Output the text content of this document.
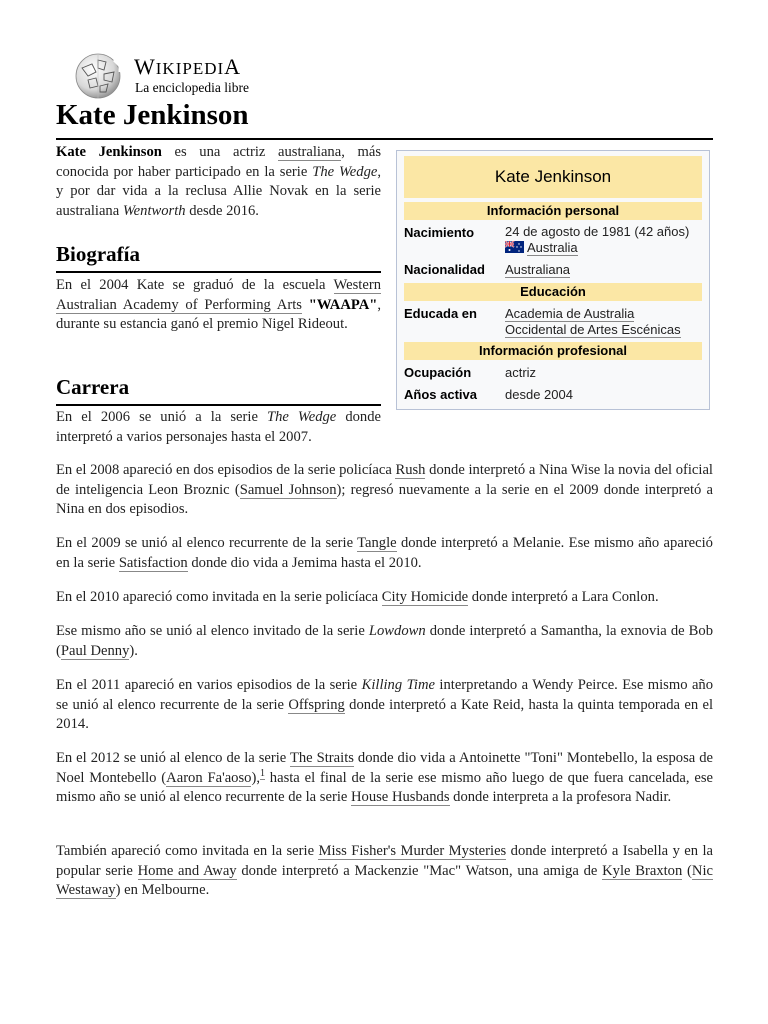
WIKIPEDIA
La enciclopedia libre
Kate Jenkinson
Kate Jenkinson es una actriz australiana, más conocida por haber participado en la serie The Wedge, y por dar vida a la reclusa Allie Novak en la serie australiana Wentworth desde 2016.
Biografía
En el 2004 Kate se graduó de la escuela Western Australian Academy of Performing Arts "WAAPA", durante su estancia ganó el premio Nigel Rideout.
Carrera
En el 2006 se unió a la serie The Wedge donde interpretó a varios personajes hasta el 2007.
En el 2008 apareció en dos episodios de la serie policíaca Rush donde interpretó a Nina Wise la novia del oficial de inteligencia Leon Broznic (Samuel Johnson); regresó nuevamente a la serie en el 2009 donde interpretó a Nina en dos episodios.
En el 2009 se unió al elenco recurrente de la serie Tangle donde interpretó a Melanie. Ese mismo año apareció en la serie Satisfaction donde dio vida a Jemima hasta el 2010.
En el 2010 apareció como invitada en la serie policíaca City Homicide donde interpretó a Lara Conlon.
Ese mismo año se unió al elenco invitado de la serie Lowdown donde interpretó a Samantha, la exnovia de Bob (Paul Denny).
En el 2011 apareció en varios episodios de la serie Killing Time interpretando a Wendy Peirce. Ese mismo año se unió al elenco recurrente de la serie Offspring donde interpretó a Kate Reid, hasta la quinta temporada en el 2014.
En el 2012 se unió al elenco de la serie The Straits donde dio vida a Antoinette "Toni" Montebello, la esposa de Noel Montebello (Aaron Fa'aoso),$^1$ hasta el final de la serie ese mismo año luego de que fuera cancelada, ese mismo año se unió al elenco recurrente de la serie House Husbands donde interpreta a la profesora Nadir.
También apareció como invitada en la serie Miss Fisher's Murder Mysteries donde interpretó a Isabella y en la popular serie Home and Away donde interpretó a Mackenzie "Mac" Watson, una amiga de Kyle Braxton (Nic Westaway) en Melbourne.
Kate Jenkinson
Información personal
Nacimiento 24 de agosto de 1981 (42 años)
Australia
Nacionalidad Australiana
Educación
Educada en Academia de Australia
Occidental de Artes Escénicas
Información profesional
Ocupación	actriz
Años activa desde 2004
